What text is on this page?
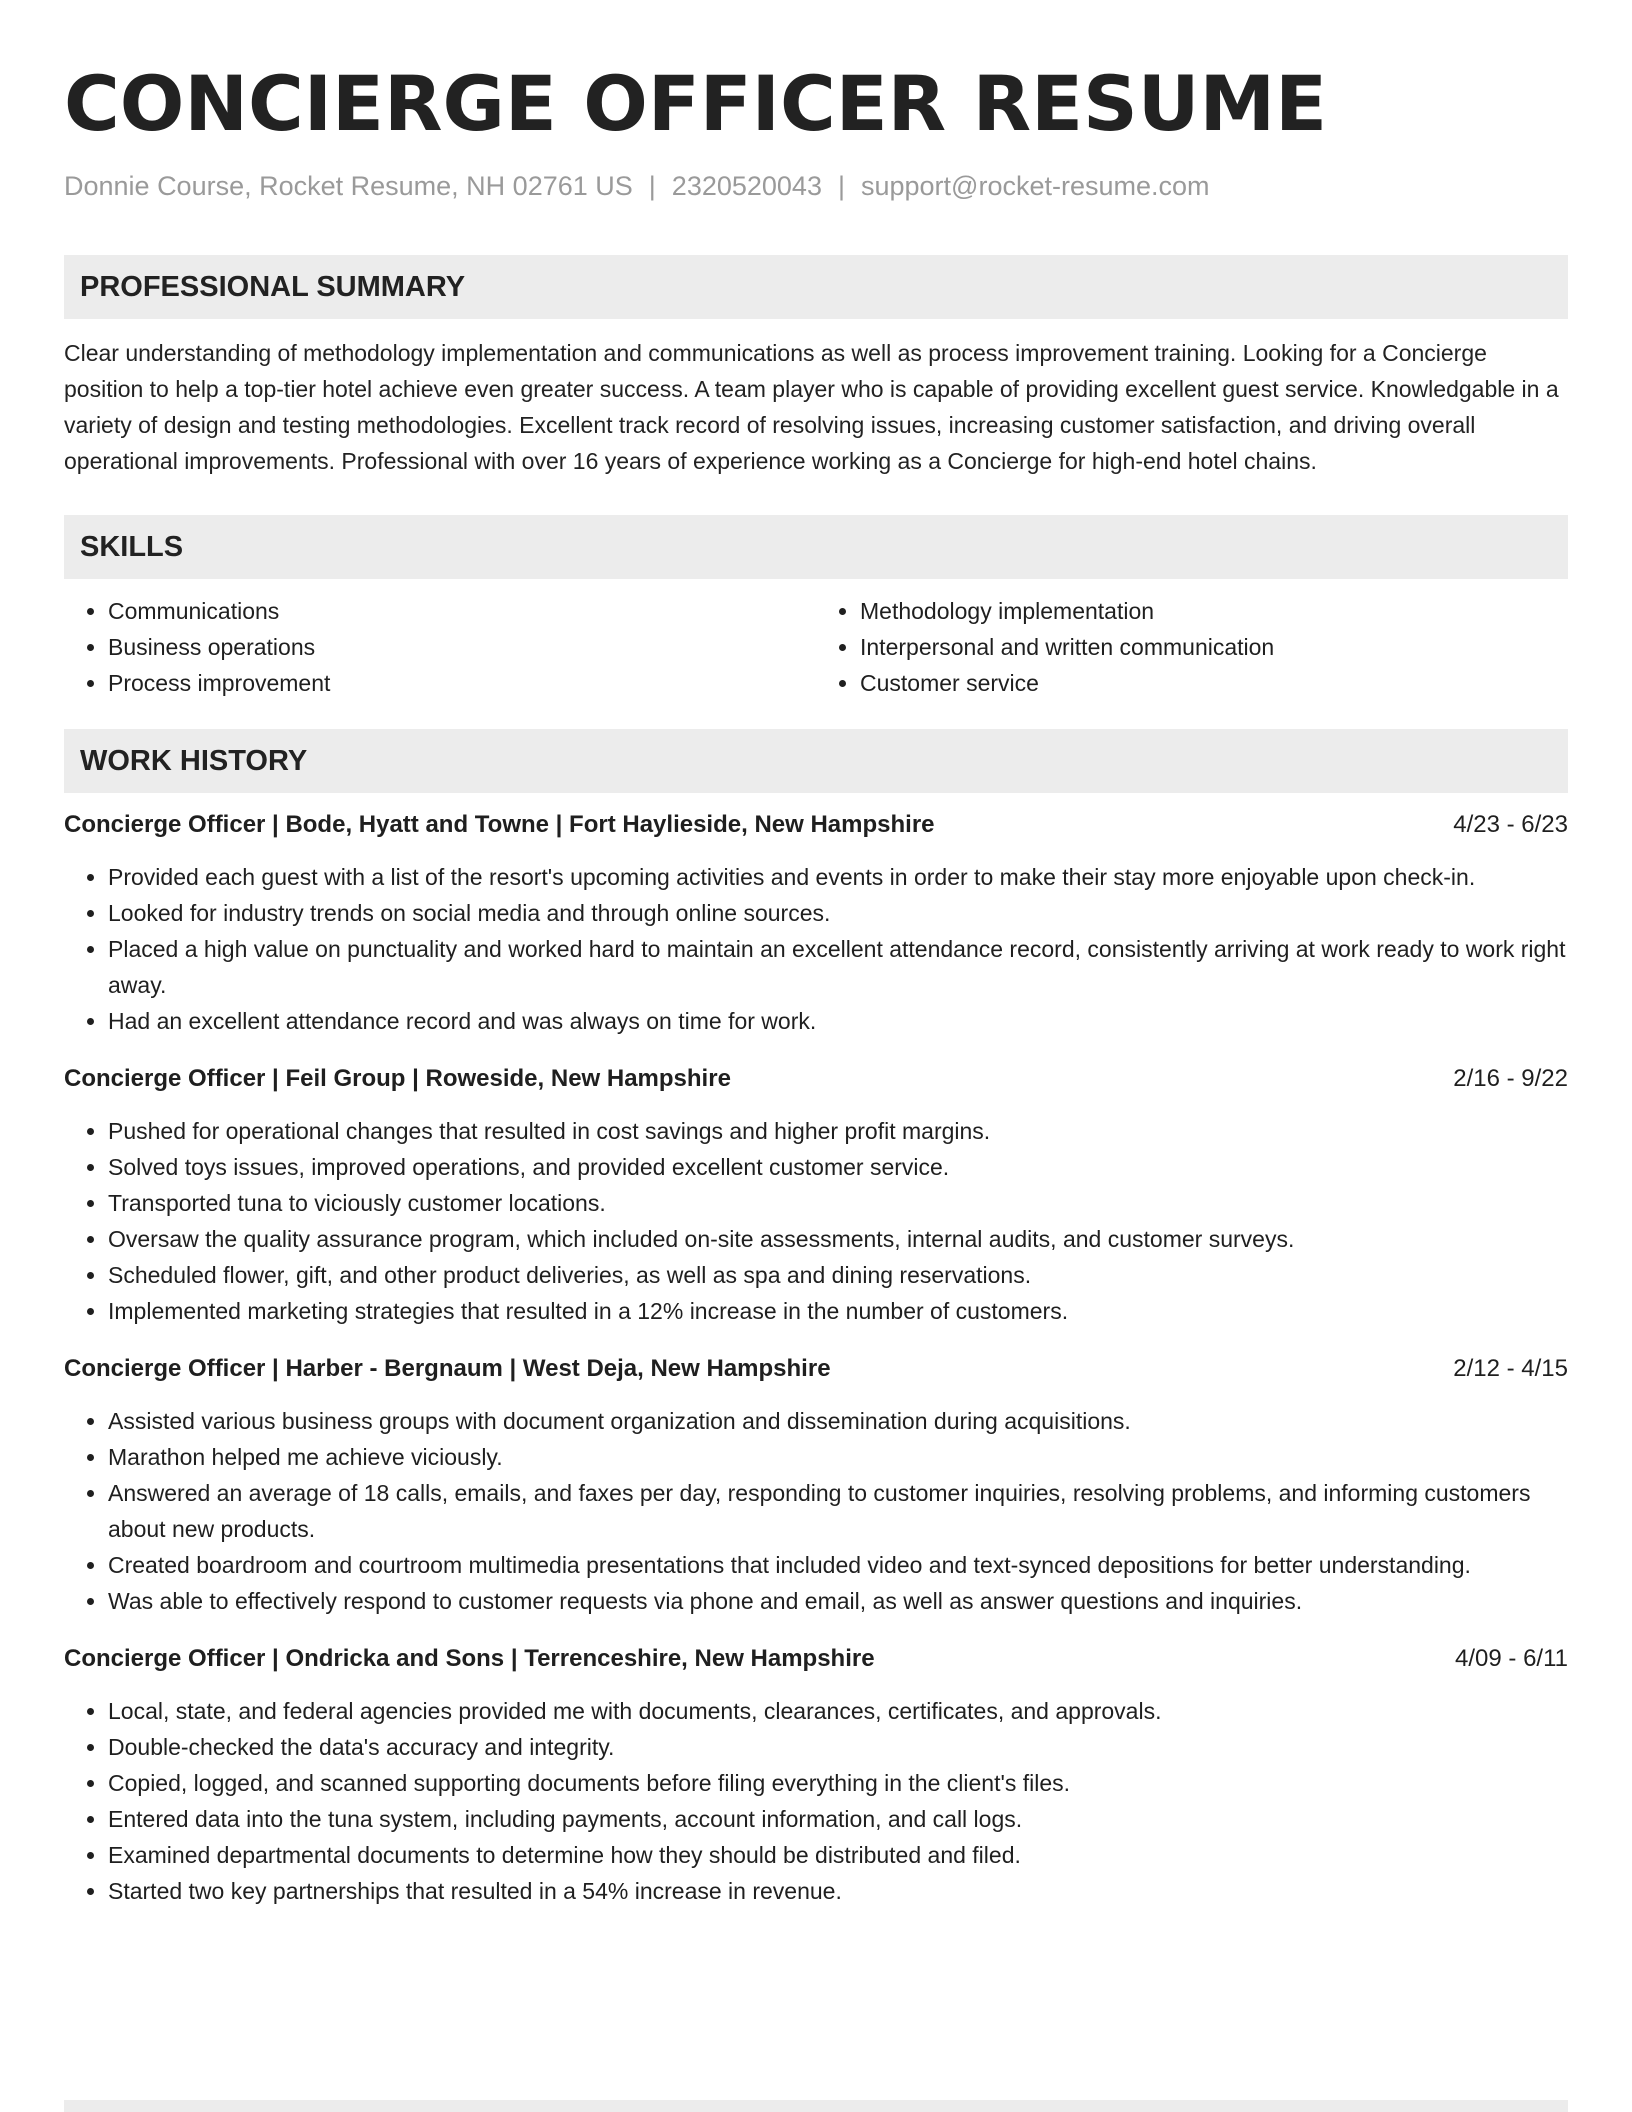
CONCIERGE OFFICER RESUME
Donnie Course, Rocket Resume, NH 02761 US | 2320520043 | support@rocket-resume.com
PROFESSIONAL SUMMARY

Clear understanding of methodology implementation and communications as well as process improvement training. Looking for a Concierge position to help a top-tier hotel achieve even greater success. A team player who is capable of providing excellent guest service. Knowledgable in a variety of design and testing methodologies. Excellent track record of resolving issues, increasing customer satisfaction, and driving overall operational improvements. Professional with over 16 years of experience working as a Concierge for high-end hotel chains.

SKILLS
• Communications
• Business operations
• Process improvement
• Methodology implementation
• Interpersonal and written communication
• Customer service
WORK HISTORY
Concierge Officer | Bode, Hyatt and Towne | Fort Haylieside, New Hampshire	4/23 - 6/23
• Provided each guest with a list of the resort's upcoming activities and events in order to make their stay more enjoyable upon check-in.
• Looked for industry trends on social media and through online sources.
• Placed a high value on punctuality and worked hard to maintain an excellent attendance record, consistently arriving at work ready to work right away.
• Had an excellent attendance record and was always on time for work.
Concierge Officer | Feil Group | Roweside, New Hampshire	2/16 - 9/22
• Pushed for operational changes that resulted in cost savings and higher profit margins.
• Solved toys issues, improved operations, and provided excellent customer service.
• Transported tuna to viciously customer locations.
• Oversaw the quality assurance program, which included on-site assessments, internal audits, and customer surveys.
• Scheduled flower, gift, and other product deliveries, as well as spa and dining reservations.
• Implemented marketing strategies that resulted in a 12% increase in the number of customers.
Concierge Officer | Harber - Bergnaum | West Deja, New Hampshire	2/12 - 4/15
• Assisted various business groups with document organization and dissemination during acquisitions.
• Marathon helped me achieve viciously.
• Answered an average of 18 calls, emails, and faxes per day, responding to customer inquiries, resolving problems, and informing customers about new products.
• Created boardroom and courtroom multimedia presentations that included video and text-synced depositions for better understanding.
• Was able to effectively respond to customer requests via phone and email, as well as answer questions and inquiries.
Concierge Officer | Ondricka and Sons | Terrenceshire, New Hampshire	4/09 - 6/11
• Local, state, and federal agencies provided me with documents, clearances, certificates, and approvals.
• Double-checked the data's accuracy and integrity.
• Copied, logged, and scanned supporting documents before filing everything in the client's files.
• Entered data into the tuna system, including payments, account information, and call logs.
• Examined departmental documents to determine how they should be distributed and filed.
• Started two key partnerships that resulted in a 54% increase in revenue.
